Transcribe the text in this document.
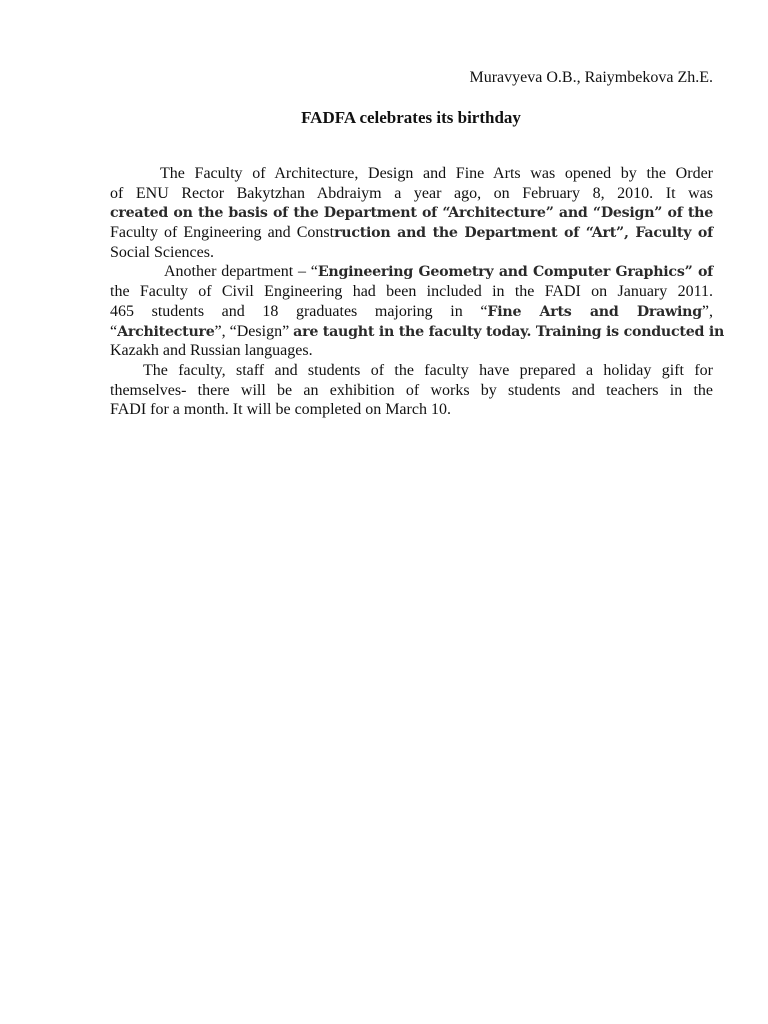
Muravyeva O.B., Raiymbekova Zh.E.
FADFA celebrates its birthday
The Faculty of Architecture, Design and Fine Arts was opened by the Order
of ENU Rector Bakytzhan Abdraiym a year ago, on February 8, 2010. It was
created on the basis of the Department of “Architecture” and “Design” of the
Faculty of Engineering and Construction and the Department of “Art”, Faculty of
Social Sciences.
Another department – “Engineering Geometry and Computer Graphics” of
the Faculty of Civil Engineering had been included in the FADI on January 2011.
465 students and 18 graduates majoring in “Fine Arts and Drawing”,
“Architecture”, “Design” are taught in the faculty today. Training is conducted in
Kazakh and Russian languages.
The faculty, staff and students of the faculty have prepared a holiday gift for
themselves- there will be an exhibition of works by students and teachers in the
FADI for a month. It will be completed on March 10.
